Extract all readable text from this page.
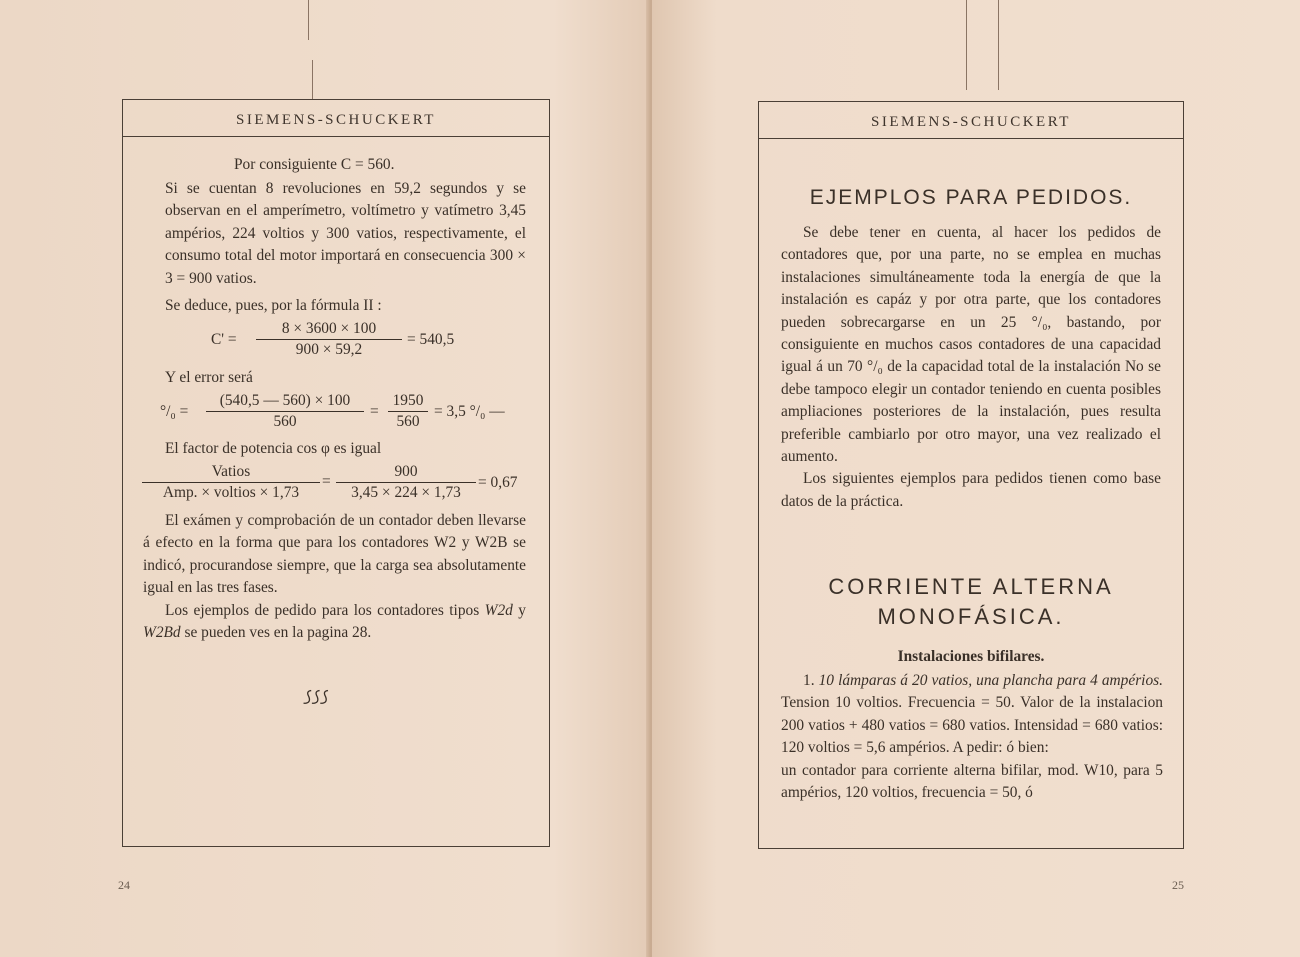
SIEMENS-SCHUCKERT
Por consiguiente C = 560.

Si se cuentan 8 revoluciones en 59,2 segundos y se observan en el amperímetro, voltímetro y vatímetro 3,45 ampérios, 224 voltios y 300 vatios, respectivamente, el consumo total del motor importará en consecuencia 300 × 3 = 900 vatios.

Se deduce, pues, por la fórmula II :
$C' = \frac{8 \times 3600 \times 100}{900 \times 59,2} = 540,5$
Y el error será
$^\circ/_0 = \frac{(540,5 — 560) \times 100}{560} = \frac{1950}{560} = 3,5$ °/₀ —
El factor de potencia cos φ es igual
Vatios
Amp. × voltios × 1,73
= $\frac{900}{3,45 \times 224 \times 1,73} = 0,67$

El exámen y comprobación de un contador deben llevarse á efecto en la forma que para los contadores W2 y W2B se indicó, procurandose siempre, que la carga sea absolutamente igual en las tres fases.

Los ejemplos de pedido para los contadores tipos W2d y W2Bd se pueden ves en la pagina 28.

꠹꠹꠹
24
SIEMENS-SCHUCKERT
EJEMPLOS PARA PEDIDOS.

Se debe tener en cuenta, al hacer los pedidos de contadores que, por una parte, no se emplea en muchas instalaciones simultáneamente toda la energía de que la instalación es capáz y por otra parte, que los contadores pueden sobrecargarse en un 25 °/₀, bastando, por consiguiente en muchos casos contadores de una capacidad igual á un 70 °/₀ de la capacidad total de la instalación No se debe tampoco elegir un contador teniendo en cuenta posibles ampliaciones posteriores de la instalación, pues resulta preferible cambiarlo por otro mayor, una vez realizado el aumento.

Los siguientes ejemplos para pedidos tienen como base datos de la práctica.

CORRIENTE ALTERNA
MONOFÁSICA.
Instalaciones bifilares.

1. 10 lámparas á 20 vatios, una plancha para 4 ampérios. Tension 10 voltios. Frecuencia = 50. Valor de la instalacion 200 vatios + 480 vatios = 680 vatios. Intensidad = 680 vatios: 120 voltios = 5,6 ampérios. A pedir: ó bien:

un contador para corriente alterna bifilar, mod. W10, para 5 ampérios, 120 voltios, frecuencia = 50, ó

25
